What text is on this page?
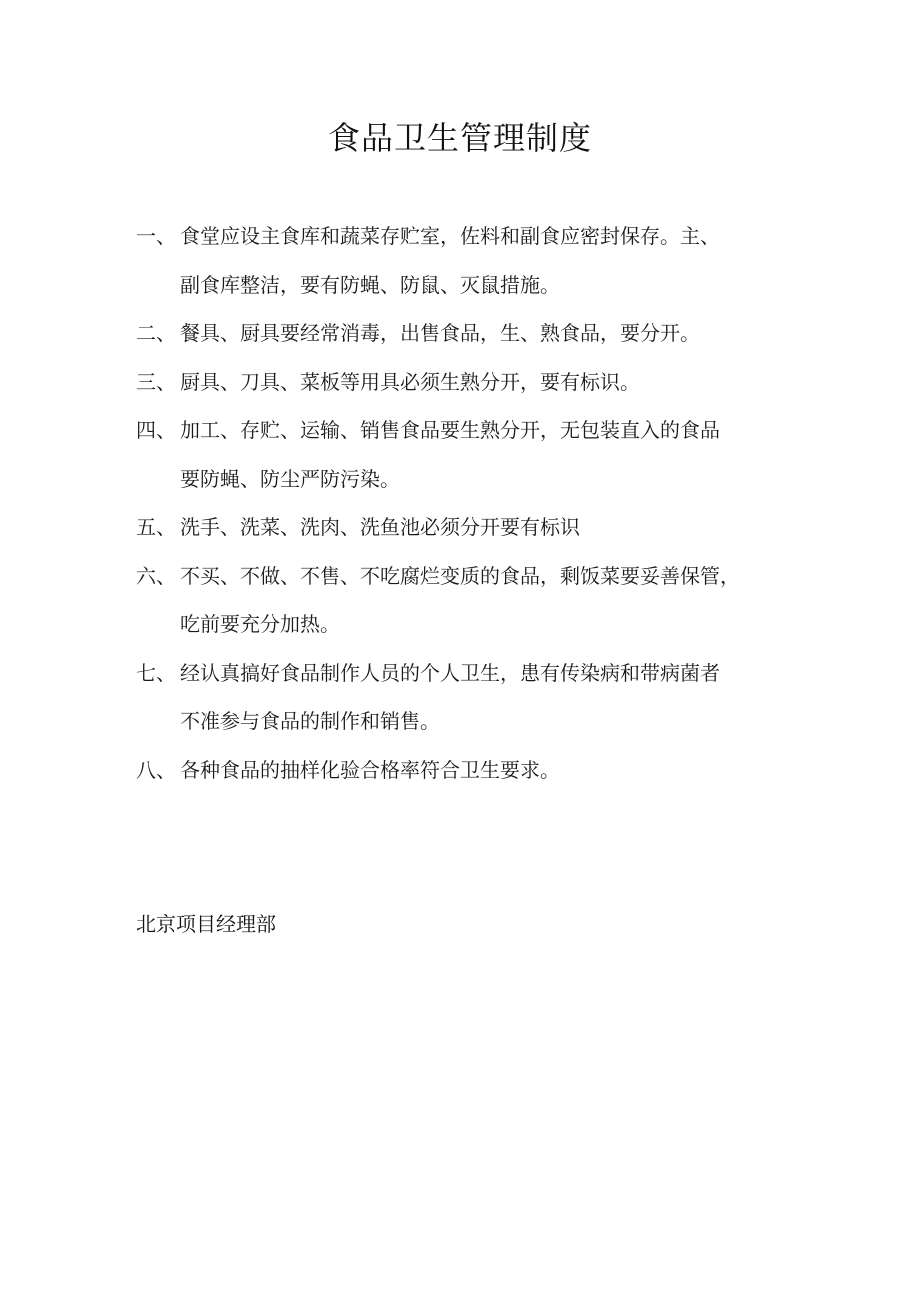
食品卫生管理制度
一、 食堂应设主食库和蔬菜存贮室，佐料和副食应密封保存。主、
副食库整洁，要有防蝇、防鼠、灭鼠措施。
二、 餐具、厨具要经常消毒，出售食品，生、熟食品，要分开。
三、 厨具、刀具、菜板等用具必须生熟分开，要有标识。
四、 加工、存贮、运输、销售食品要生熟分开，无包装直入的食品
要防蝇、防尘严防污染。
五、 洗手、洗菜、洗肉、洗鱼池必须分开要有标识
六、 不买、不做、不售、不吃腐烂变质的食品，剩饭菜要妥善保管，
吃前要充分加热。
七、 经认真搞好食品制作人员的个人卫生，患有传染病和带病菌者
不准参与食品的制作和销售。
八、 各种食品的抽样化验合格率符合卫生要求。
北京项目经理部
